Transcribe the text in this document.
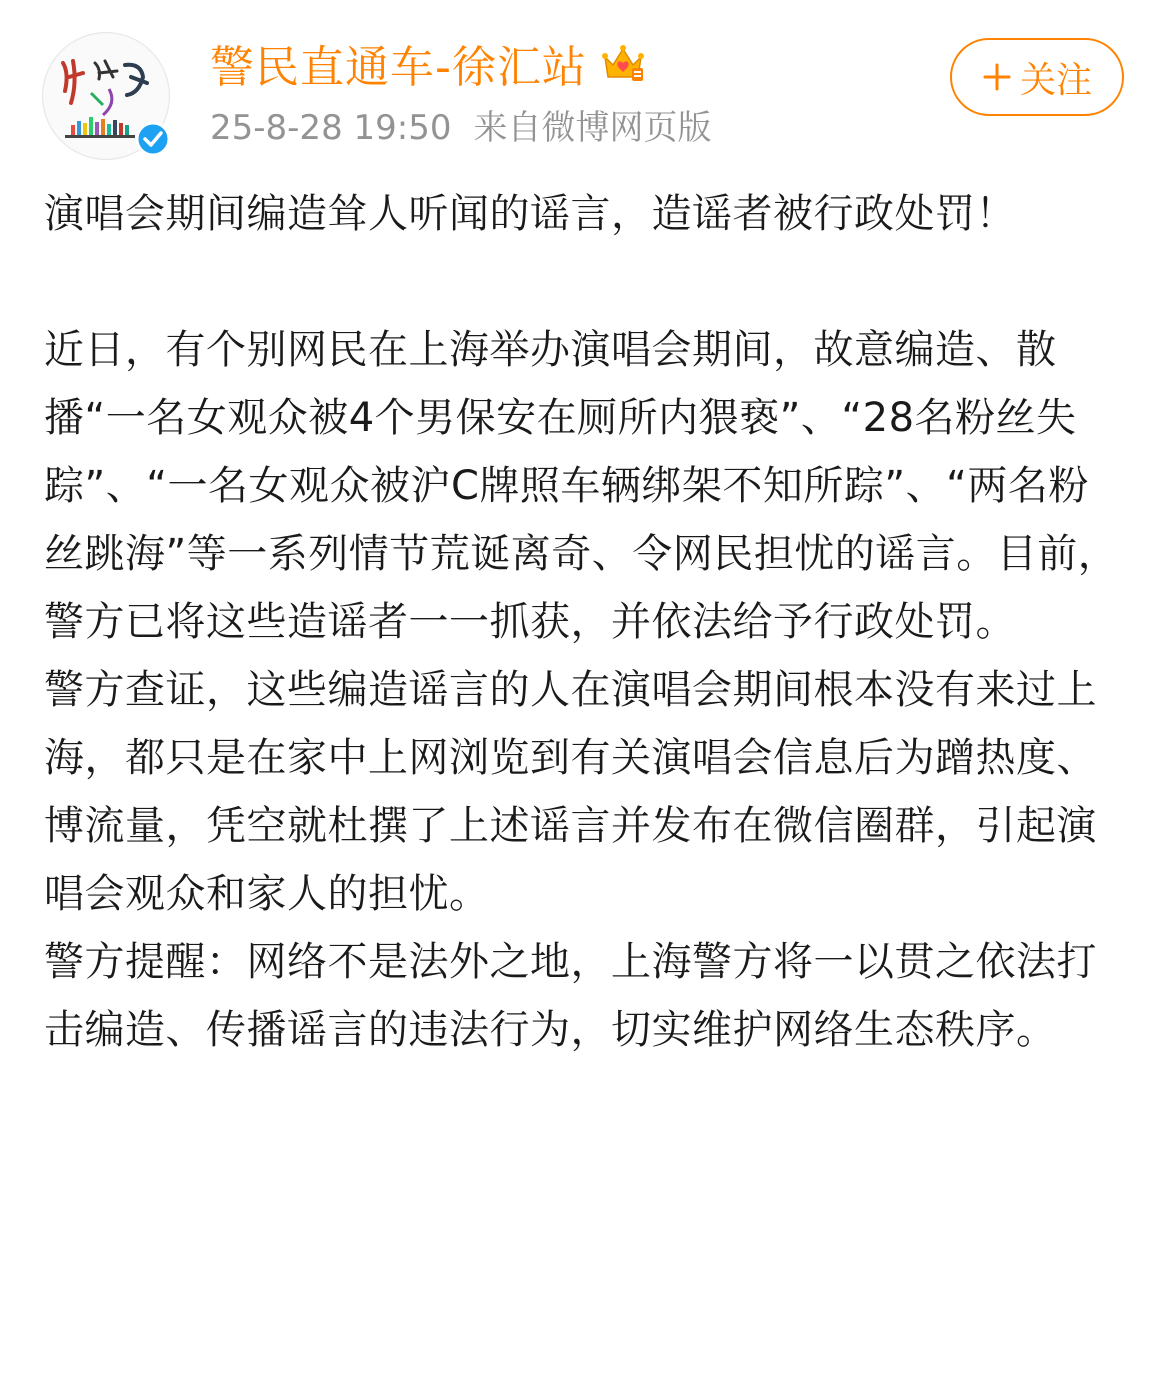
警民直通车-徐汇站
25-8-28 19:50 来自微博网页版
关注

演唱会期间编造耸人听闻的谣言，造谣者被行政处罚！

近日，有个别网民在上海举办演唱会期间，故意编造、散播“一名女观众被4个男保安在厕所内猥亵”、“28名粉丝失踪”、“一名女观众被沪C牌照车辆绑架不知所踪”、“两名粉丝跳海”等一系列情节荒诞离奇、令网民担忧的谣言。目前，警方已将这些造谣者一一抓获，并依法给予行政处罚。

警方查证，这些编造谣言的人在演唱会期间根本没有来过上海，都只是在家中上网浏览到有关演唱会信息后为蹭热度、博流量，凭空就杜撰了上述谣言并发布在微信圈群，引起演唱会观众和家人的担忧。

警方提醒：网络不是法外之地，上海警方将一以贯之依法打击编造、传播谣言的违法行为，切实维护网络生态秩序。
